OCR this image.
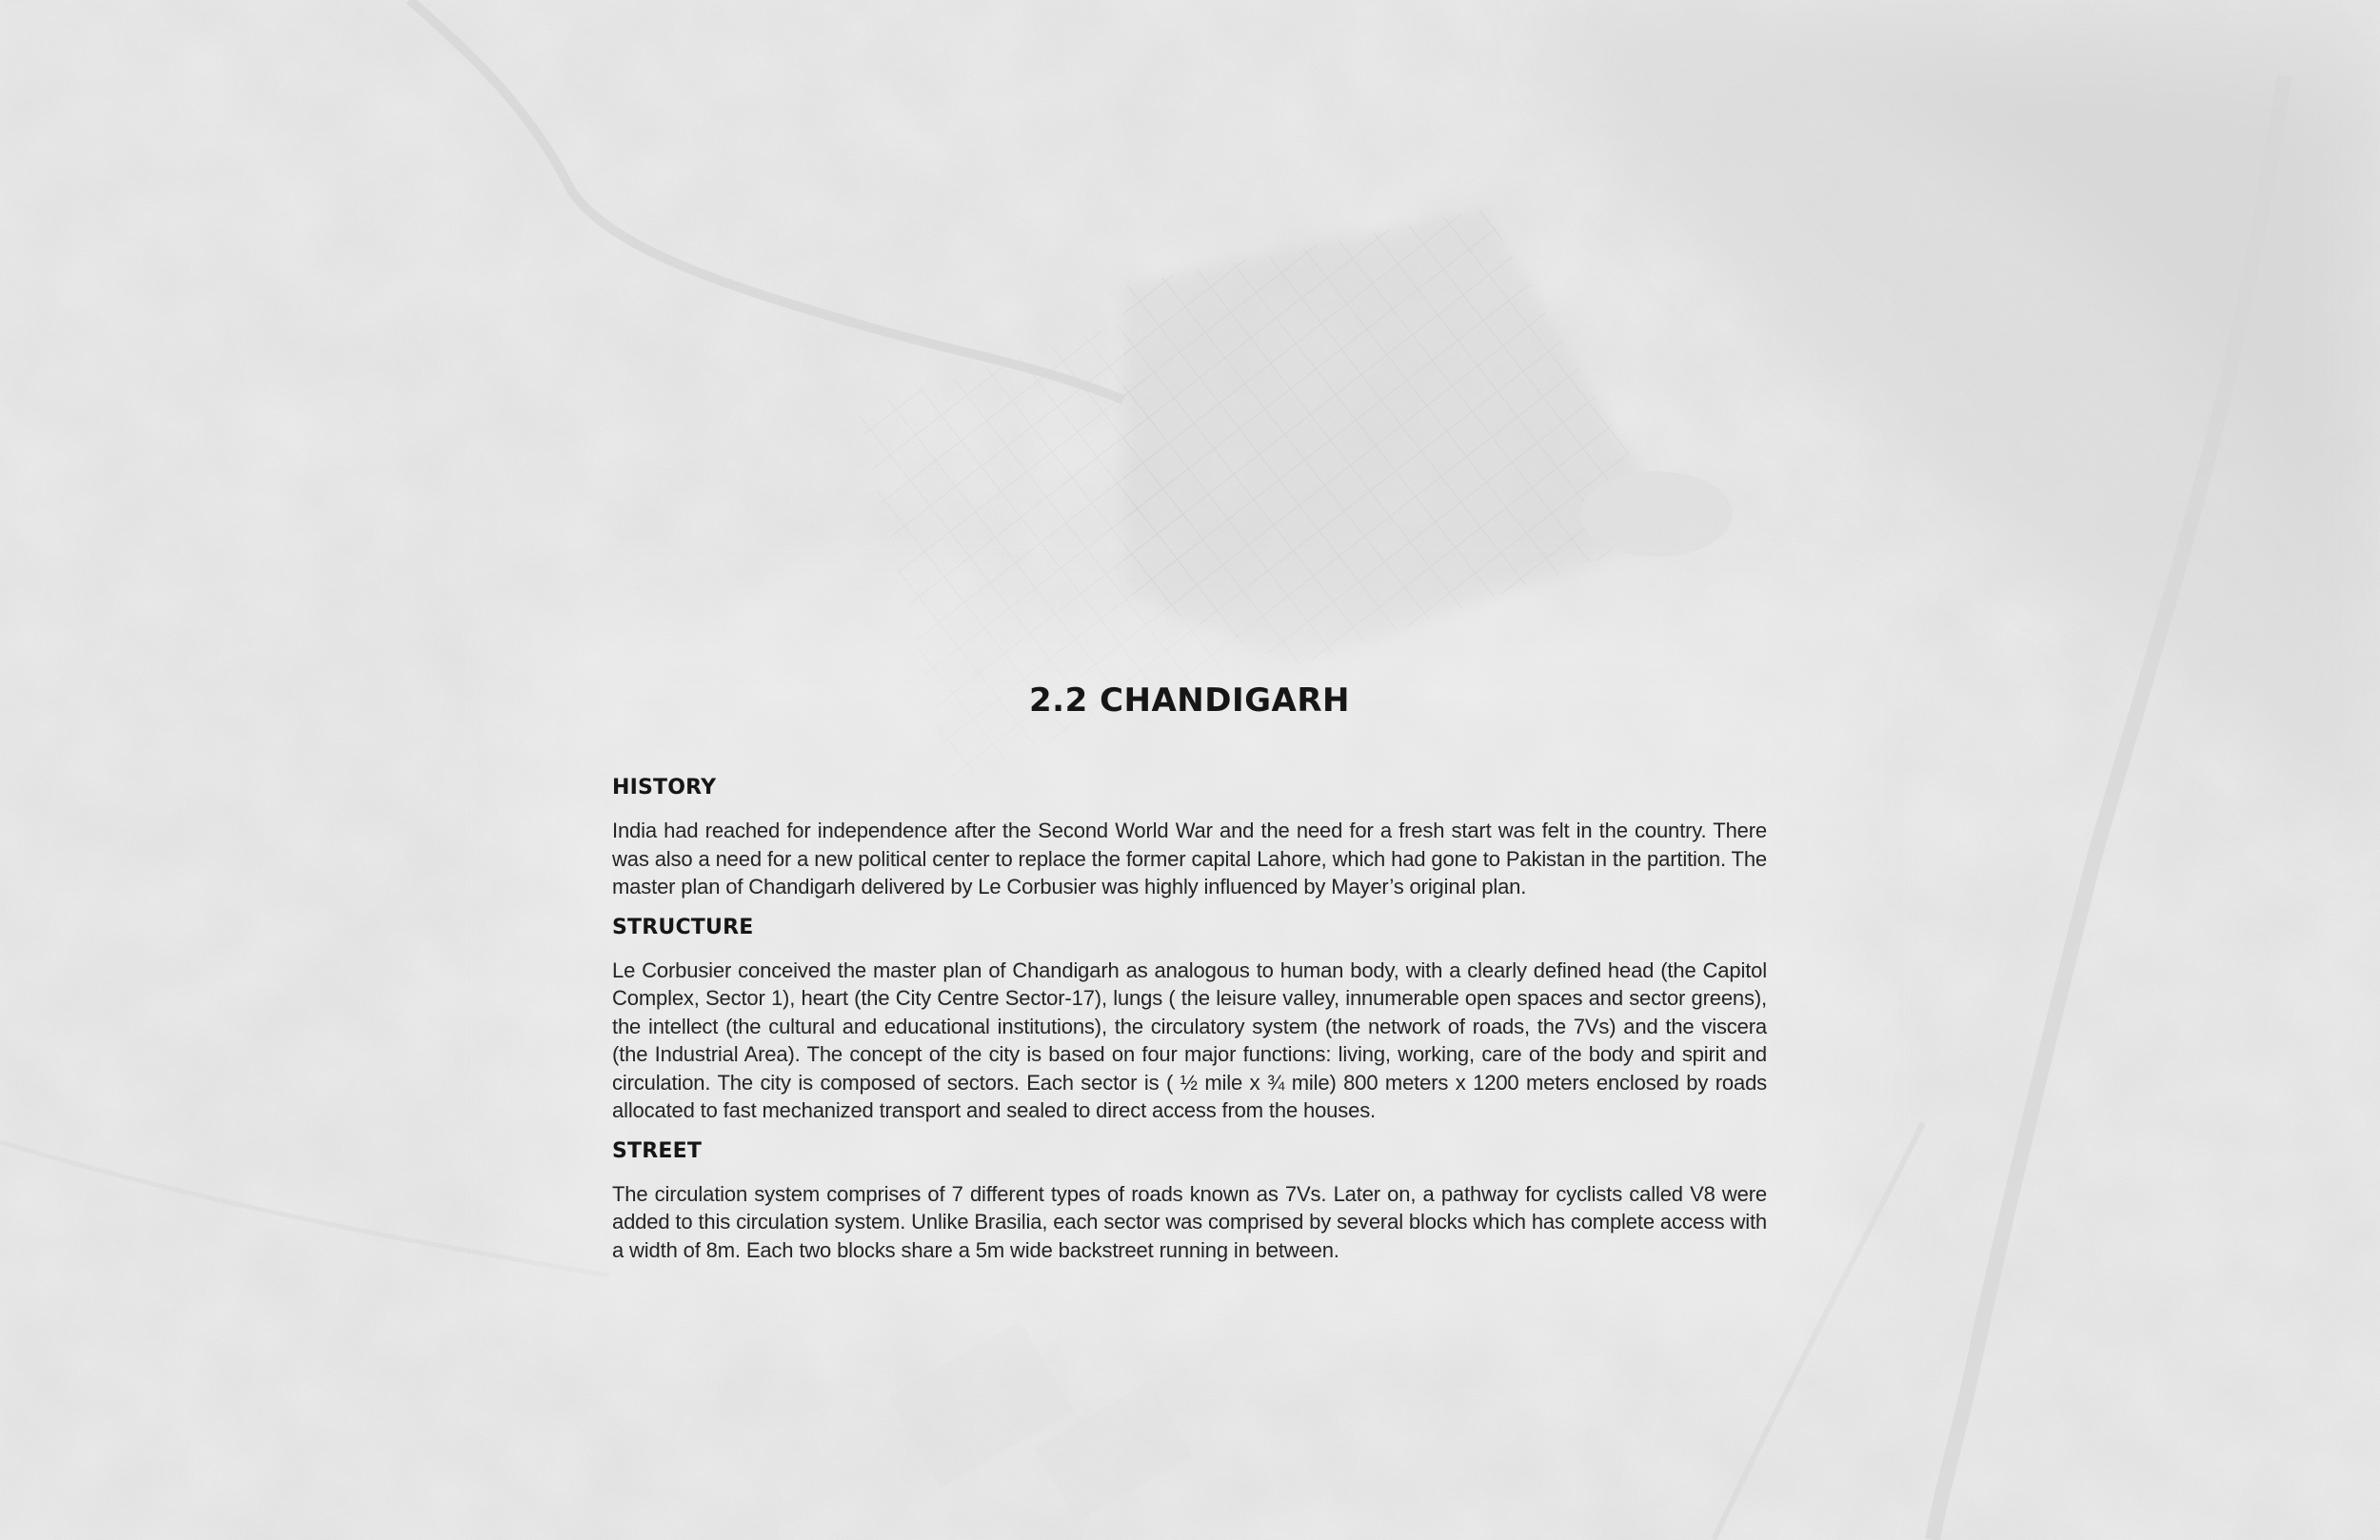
2.2 CHANDIGARH
HISTORY

India had reached for independence after the Second World War and the need for a fresh start was felt in the country. There was also a need for a new political center to replace the former capital Lahore, which had gone to Pakistan in the partition. The master plan of Chandigarh delivered by Le Corbusier was highly influenced by Mayer’s original plan.

STRUCTURE

Le Corbusier conceived the master plan of Chandigarh as analogous to human body, with a clearly defined head (the Capitol Complex, Sector 1), heart (the City Centre Sector-17), lungs ( the leisure valley, innumerable open spaces and sector greens), the intellect (the cultural and educational institutions), the circulatory system (the network of roads, the 7Vs) and the viscera (the Industrial Area). The concept of the city is based on four major functions: living, working, care of the body and spirit and circulation. The city is composed of sectors. Each sector is ( ½ mile x ¾ mile) 800 meters x 1200 meters enclosed by roads allocated to fast mechanized transport and sealed to direct access from the houses.

STREET

The circulation system comprises of 7 different types of roads known as 7Vs. Later on, a pathway for cyclists called V8 were added to this circulation system. Unlike Brasilia, each sector was comprised by several blocks which has complete access with a width of 8m. Each two blocks share a 5m wide backstreet running in between.
